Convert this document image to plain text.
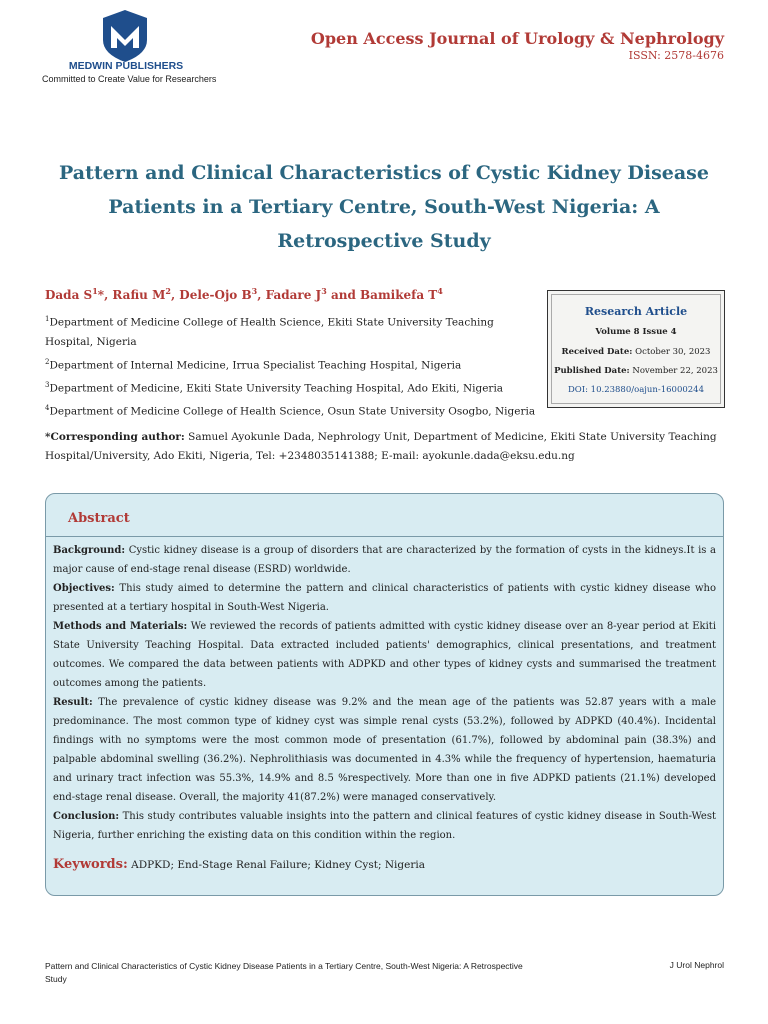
MEDWIN PUBLISHERS
Committed to Create Value for Researchers
Open Access Journal of Urology & Nephrology
ISSN: 2578-4676
Pattern and Clinical Characteristics of Cystic Kidney Disease Patients in a Tertiary Centre, South-West Nigeria: A Retrospective Study
Dada $S^1*$, Rafiu $M^2$, Dele-Ojo $B^3$, Fadare $J^3$ and Bamikefa $T^4$
$^1$Department of Medicine College of Health Science, Ekiti State University Teaching Hospital, Nigeria
$^2$Department of Internal Medicine, Irrua Specialist Teaching Hospital, Nigeria
$^3$Department of Medicine, Ekiti State University Teaching Hospital, Ado Ekiti, Nigeria
$^4$Department of Medicine College of Health Science, Osun State University Osogbo, Nigeria
Research Article
Volume 8 Issue 4
Received Date: October 30, 2023
Published Date: November 22, 2023
DOI: 10.23880/oajun-16000244
*Corresponding author: Samuel Ayokunle Dada, Nephrology Unit, Department of Medicine, Ekiti State University Teaching Hospital/University, Ado Ekiti, Nigeria, Tel: +2348035141388; E-mail: ayokunle.dada@eksu.edu.ng
Abstract

Background: Cystic kidney disease is a group of disorders that are characterized by the formation of cysts in the kidneys.It is a major cause of end-stage renal disease (ESRD) worldwide.

Objectives: This study aimed to determine the pattern and clinical characteristics of patients with cystic kidney disease who presented at a tertiary hospital in South-West Nigeria.

Methods and Materials: We reviewed the records of patients admitted with cystic kidney disease over an 8-year period at Ekiti State University Teaching Hospital. Data extracted included patients' demographics, clinical presentations, and treatment outcomes. We compared the data between patients with ADPKD and other types of kidney cysts and summarised the treatment outcomes among the patients.

Result: The prevalence of cystic kidney disease was 9.2% and the mean age of the patients was 52.87 years with a male predominance. The most common type of kidney cyst was simple renal cysts (53.2%), followed by ADPKD (40.4%). Incidental findings with no symptoms were the most common mode of presentation (61.7%), followed by abdominal pain (38.3%) and palpable abdominal swelling (36.2%). Nephrolithiasis was documented in 4.3% while the frequency of hypertension, haematuria and urinary tract infection was 55.3%, 14.9% and 8.5 %respectively. More than one in five ADPKD patients (21.1%) developed end-stage renal disease. Overall, the majority 41(87.2%) were managed conservatively.

Conclusion: This study contributes valuable insights into the pattern and clinical features of cystic kidney disease in South-West Nigeria, further enriching the existing data on this condition within the region.

Keywords: ADPKD; End-Stage Renal Failure; Kidney Cyst; Nigeria
Pattern and Clinical Characteristics of Cystic Kidney Disease Patients in a Tertiary Centre, South-West Nigeria: A Retrospective Study
J Urol Nephrol
